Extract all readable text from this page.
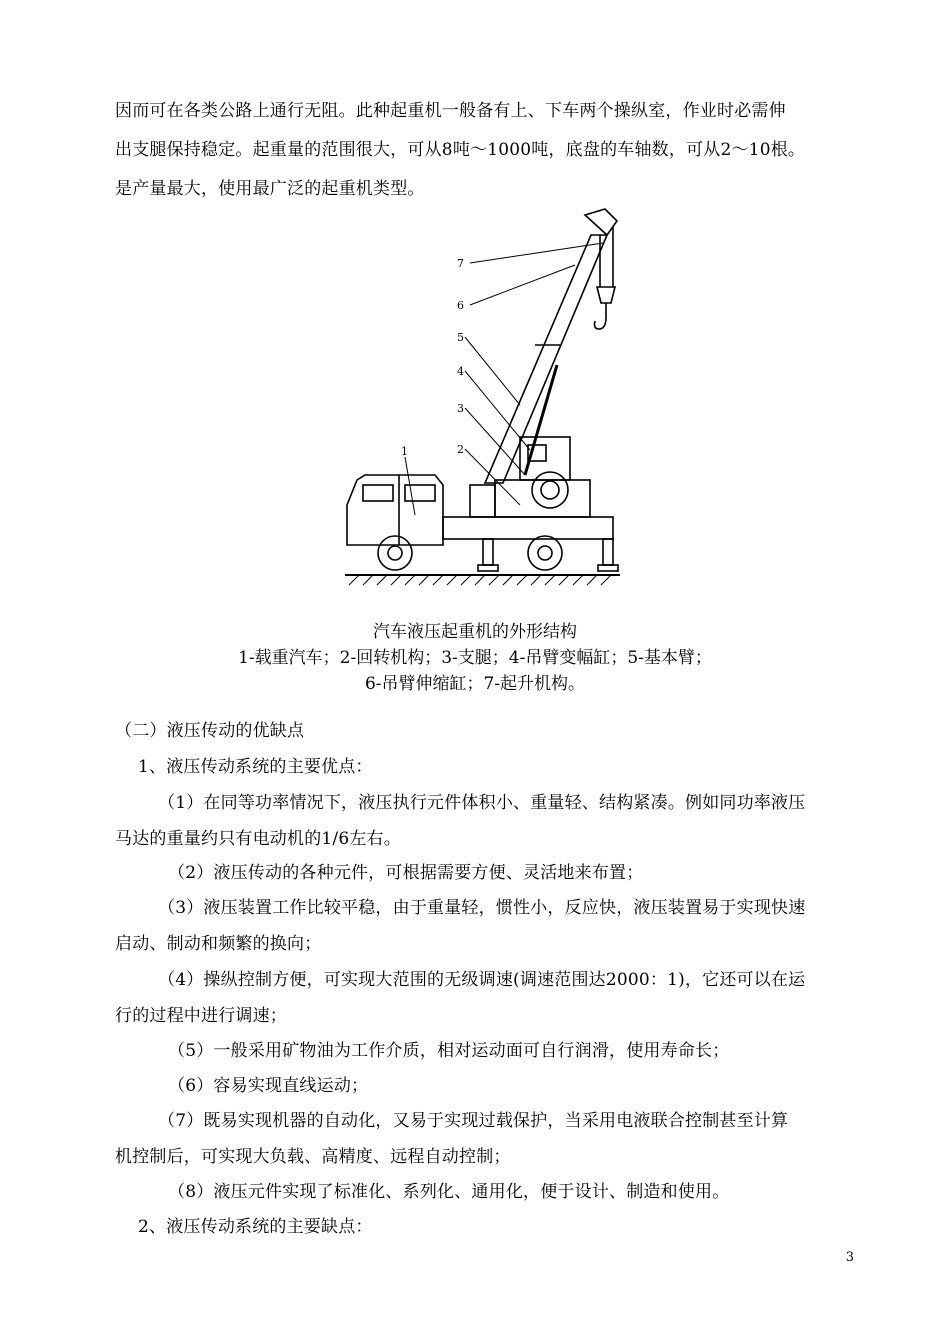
因而可在各类公路上通行无阻。此种起重机一般备有上、下车两个操纵室，作业时必需伸
出支腿保持稳定。起重量的范围很大，可从8吨～1000吨，底盘的车轴数，可从2～10根。
是产量最大，使用最广泛的起重机类型。
7
6
5
4
3
2
1
汽车液压起重机的外形结构
1-载重汽车；2-回转机构；3-支腿；4-吊臂变幅缸；5-基本臂；
6-吊臂伸缩缸；7-起升机构。
（二）液压传动的优缺点
1、液压传动系统的主要优点：
（1）在同等功率情况下，液压执行元件体积小、重量轻、结构紧凑。例如同功率液压
马达的重量约只有电动机的1/6左右。
（2）液压传动的各种元件，可根据需要方便、灵活地来布置；
（3）液压装置工作比较平稳，由于重量轻，惯性小，反应快，液压装置易于实现快速
启动、制动和频繁的换向；
（4）操纵控制方便，可实现大范围的无级调速(调速范围达2000：1)，它还可以在运
行的过程中进行调速；
（5）一般采用矿物油为工作介质，相对运动面可自行润滑，使用寿命长；
（6）容易实现直线运动；
（7）既易实现机器的自动化，又易于实现过载保护，当采用电液联合控制甚至计算
机控制后，可实现大负载、高精度、远程自动控制；
（8）液压元件实现了标准化、系列化、通用化，便于设计、制造和使用。
2、液压传动系统的主要缺点：
3
